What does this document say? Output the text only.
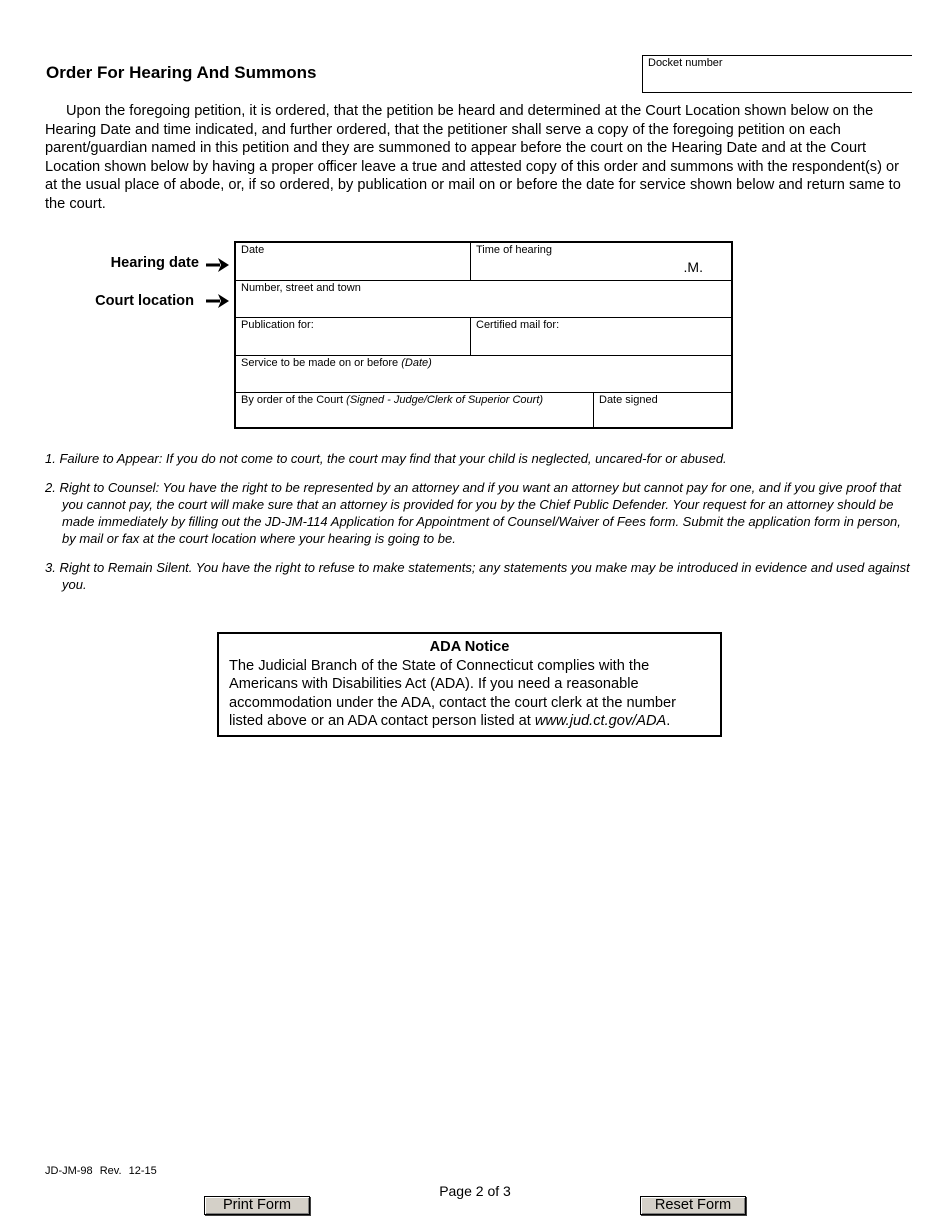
Order For Hearing And Summons	Docket number
Upon the foregoing petition, it is ordered, that the petition be heard and determined at the Court Location shown below on the Hearing Date and time indicated, and further ordered, that the petitioner shall serve a copy of the foregoing petition on each parent/guardian named in this petition and they are summoned to appear before the court on the Hearing Date and at the Court Location shown below by having a proper officer leave a true and attested copy of this order and summons with the respondent(s) or at the usual place of abode, or, if so ordered, by publication or mail on or before the date for service shown below and return same to the court.
Hearing date
Court location
Date	Time of hearing
.M.
Number, street and town
Publication for:	Certified mail for:
Service to be made on or before (Date)
By order of the Court (Signed - Judge/Clerk of Superior Court)	Date signed
1. Failure to Appear: If you do not come to court, the court may find that your child is neglected, uncared-for or abused.
2. Right to Counsel: You have the right to be represented by an attorney and if you want an attorney but cannot pay for one, and if you give proof that you cannot pay, the court will make sure that an attorney is provided for you by the Chief Public Defender. Your request for an attorney should be made immediately by filling out the JD-JM-114 Application for Appointment of Counsel/Waiver of Fees form. Submit the application form in person, by mail or fax at the court location where your hearing is going to be.
3. Right to Remain Silent. You have the right to refuse to make statements; any statements you make may be introduced in evidence and used against you.
ADA Notice
The Judicial Branch of the State of Connecticut complies with the Americans with Disabilities Act (ADA). If you need a reasonable accommodation under the ADA, contact the court clerk at the number listed above or an ADA contact person listed at www.jud.ct.gov/ADA.
JD-JM-98 Rev. 12-15
Page 2 of 3
Print Form	Reset Form
